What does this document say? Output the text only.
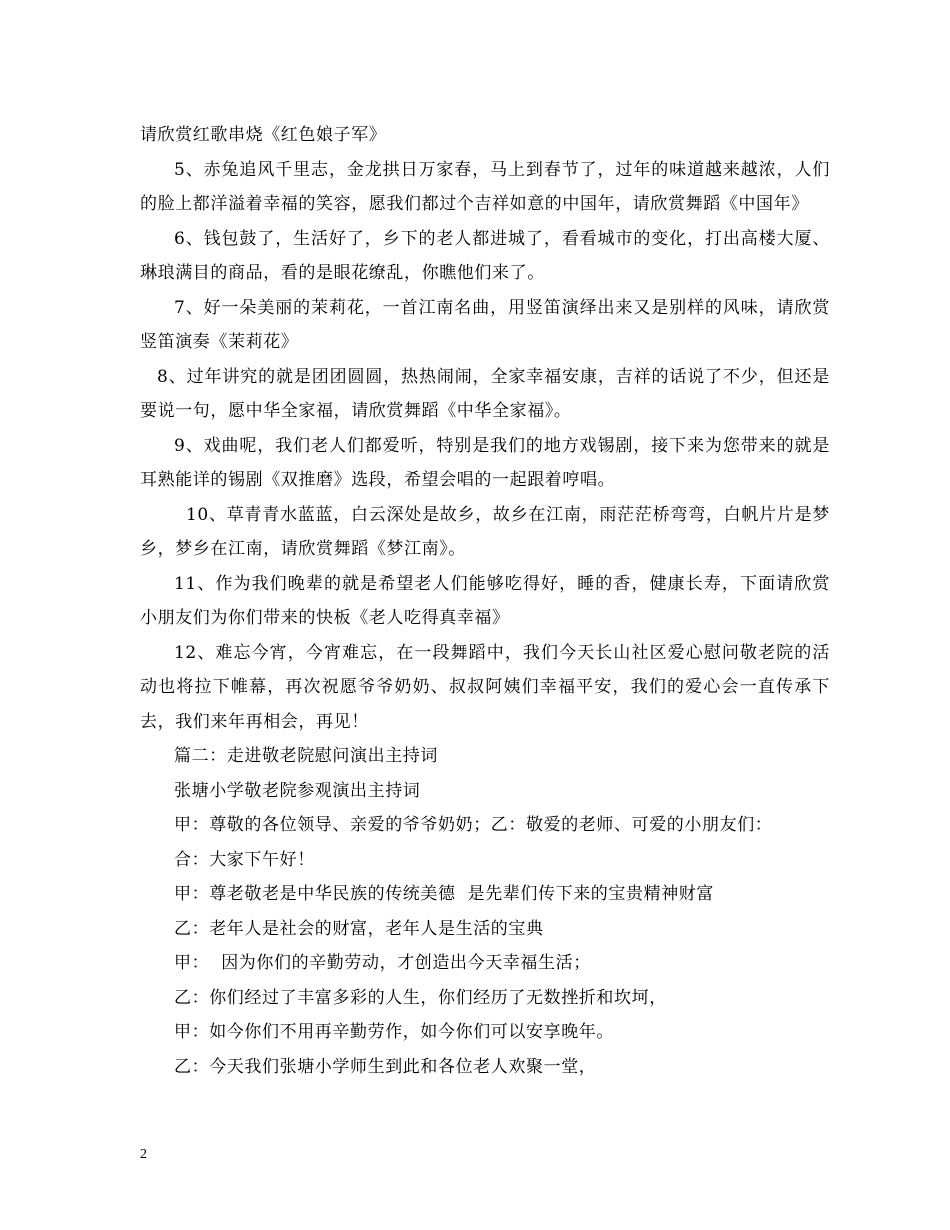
请欣赏红歌串烧《红色娘子军》

5、赤兔追风千里志，金龙拱日万家春，马上到春节了，过年的味道越来越浓，人们的脸上都洋溢着幸福的笑容，愿我们都过个吉祥如意的中国年，请欣赏舞蹈《中国年》

6、钱包鼓了，生活好了，乡下的老人都进城了，看看城市的变化，打出高楼大厦、琳琅满目的商品，看的是眼花缭乱，你瞧他们来了。

7、好一朵美丽的茉莉花，一首江南名曲，用竖笛演绎出来又是别样的风味，请欣赏竖笛演奏《茉莉花》

8、过年讲究的就是团团圆圆，热热闹闹，全家幸福安康，吉祥的话说了不少，但还是要说一句，愿中华全家福，请欣赏舞蹈《中华全家福》。

9、戏曲呢，我们老人们都爱听，特别是我们的地方戏锡剧，接下来为您带来的就是耳熟能详的锡剧《双推磨》选段，希望会唱的一起跟着哼唱。

10、草青青水蓝蓝，白云深处是故乡，故乡在江南，雨茫茫桥弯弯，白帆片片是梦乡，梦乡在江南，请欣赏舞蹈《梦江南》。

11、作为我们晚辈的就是希望老人们能够吃得好，睡的香，健康长寿，下面请欣赏小朋友们为你们带来的快板《老人吃得真幸福》

12、难忘今宵，今宵难忘，在一段舞蹈中，我们今天长山社区爱心慰问敬老院的活动也将拉下帷幕，再次祝愿爷爷奶奶、叔叔阿姨们幸福平安，我们的爱心会一直传承下去，我们来年再相会，再见！

篇二：走进敬老院慰问演出主持词

张塘小学敬老院参观演出主持词

甲：尊敬的各位领导、亲爱的爷爷奶奶；乙：敬爱的老师、可爱的小朋友们：

合：大家下午好！

甲：尊老敬老是中华民族的传统美德  是先辈们传下来的宝贵精神财富

乙：老年人是社会的财富，老年人是生活的宝典

甲：  因为你们的辛勤劳动，才创造出今天幸福生活；

乙：你们经过了丰富多彩的人生，你们经历了无数挫折和坎坷，

甲：如今你们不用再辛勤劳作，如今你们可以安享晚年。

乙：今天我们张塘小学师生到此和各位老人欢聚一堂，

2
